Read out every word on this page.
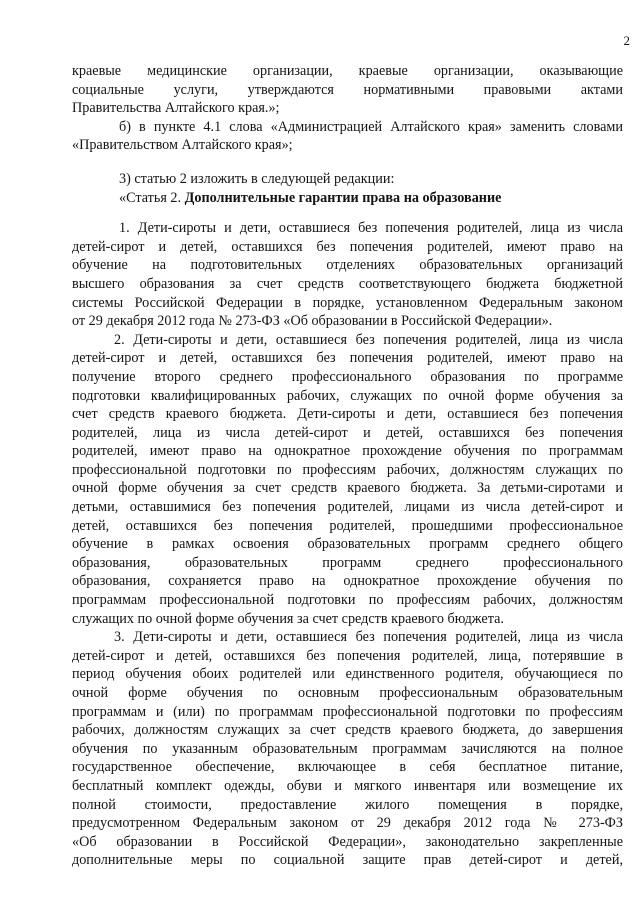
2
краевые медицинские организации, краевые организации, оказывающие
социальные услуги, утверждаются нормативными правовыми актами
Правительства Алтайского края.»;
б) в пункте 4.1 слова «Администрацией Алтайского края» заменить словами
«Правительством Алтайского края»;
3) статью 2 изложить в следующей редакции:
«Статья 2. Дополнительные гарантии права на образование
1. Дети-сироты и дети, оставшиеся без попечения родителей, лица из числа
детей-сирот и детей, оставшихся без попечения родителей, имеют право на
обучение на подготовительных отделениях образовательных организаций
высшего образования за счет средств соответствующего бюджета бюджетной
системы Российской Федерации в порядке, установленном Федеральным законом
от 29 декабря 2012 года № 273-ФЗ «Об образовании в Российской Федерации».
2. Дети-сироты и дети, оставшиеся без попечения родителей, лица из числа
детей-сирот и детей, оставшихся без попечения родителей, имеют право на
получение второго среднего профессионального образования по программе
подготовки квалифицированных рабочих, служащих по очной форме обучения за
счет средств краевого бюджета. Дети-сироты и дети, оставшиеся без попечения
родителей, лица из числа детей-сирот и детей, оставшихся без попечения
родителей, имеют право на однократное прохождение обучения по программам
профессиональной подготовки по профессиям рабочих, должностям служащих по
очной форме обучения за счет средств краевого бюджета. За детьми-сиротами и
детьми, оставшимися без попечения родителей, лицами из числа детей-сирот и
детей, оставшихся без попечения родителей, прошедшими профессиональное
обучение в рамках освоения образовательных программ среднего общего
образования, образовательных программ среднего профессионального
образования, сохраняется право на однократное прохождение обучения по
программам профессиональной подготовки по профессиям рабочих, должностям
служащих по очной форме обучения за счет средств краевого бюджета.
3. Дети-сироты и дети, оставшиеся без попечения родителей, лица из числа
детей-сирот и детей, оставшихся без попечения родителей, лица, потерявшие в
период обучения обоих родителей или единственного родителя, обучающиеся по
очной форме обучения по основным профессиональным образовательным
программам и (или) по программам профессиональной подготовки по профессиям
рабочих, должностям служащих за счет средств краевого бюджета, до завершения
обучения по указанным образовательным программам зачисляются на полное
государственное обеспечение, включающее в себя бесплатное питание,
бесплатный комплект одежды, обуви и мягкого инвентаря или возмещение их
полной стоимости, предоставление жилого помещения в порядке,
предусмотренном Федеральным законом от 29 декабря 2012 года № 273-ФЗ
«Об образовании в Российской Федерации», законодательно закрепленные
дополнительные меры по социальной защите прав детей-сирот и детей,
